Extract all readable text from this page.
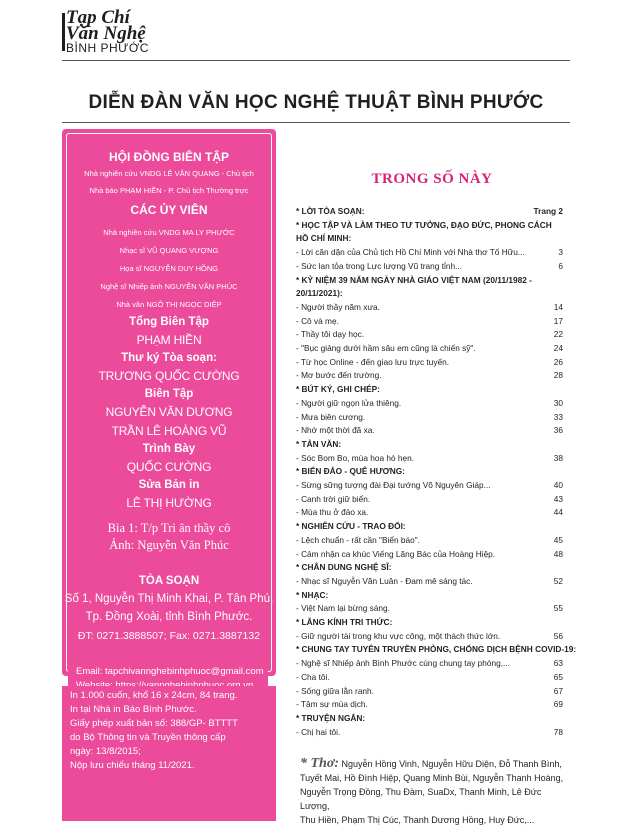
Tạp Chí
Văn Nghệ
BÌNH PHƯỚC
DIỄN ĐÀN VĂN HỌC NGHỆ THUẬT BÌNH PHƯỚC
HỘI ĐỒNG BIÊN TẬP
Nhà nghiên cứu VNDG LÊ VĂN QUANG - Chủ tịch
Nhà báo PHẠM HIỀN - P. Chủ tịch Thường trực
CÁC ỦY VIÊN
Nhà nghiên cứu VNDG MA LY PHƯỚC
Nhạc sĩ VŨ QUANG VƯỢNG
Họa sĩ NGUYỄN DUY HỒNG
Nghệ sĩ Nhiếp ảnh NGUYỄN VĂN PHÚC
Nhà văn NGÔ THỊ NGỌC DIỆP
Tổng Biên Tập
PHẠM HIỀN
Thư ký Tòa soạn:
TRƯƠNG QUỐC CƯỜNG
Biên Tập
NGUYỄN VĂN DƯƠNG
TRẦN LÊ HOÀNG VŨ
Trình Bày
QUỐC CƯỜNG
Sửa Bản in
LÊ THỊ HƯỜNG
Bìa 1: T/p Tri ân thầy cô
Ảnh: Nguyễn Văn Phúc
TÒA SOẠN
Số 1, Nguyễn Thị Minh Khai, P. Tân Phú,
Tp. Đồng Xoài, tỉnh Bình Phước.
ĐT: 0271.3888507; Fax: 0271.3887132
Email: tapchivannghebinhphuoc@gmail.com
In 1.000 cuốn, khổ 16 x 24cm, 84 trang.
In tại Nhà in Báo Bình Phước.
Giấy phép xuất bản số: 388/GP- BTTTT
do Bộ Thông tin và Truyền thông cấp
ngày: 13/8/2015;
Nộp lưu chiểu tháng 11/2021.
TRONG SỐ NÀY
* LỜI TÒA SOẠN:	Trang 2
* HỌC TẬP VÀ LÀM THEO TƯ TƯỞNG, ĐẠO ĐỨC, PHONG CÁCH
HỒ CHÍ MINH:
- Lời căn dặn của Chủ tịch Hồ Chí Minh với Nhà thơ Tố Hữu...	3
- Sức lan tỏa trong Lực lượng Vũ trang tỉnh...	6
* KỶ NIỆM 39 NĂM NGÀY NHÀ GIÁO VIỆT NAM (20/11/1982 -
20/11/2021):
- Người thầy năm xưa.	14
- Cô và mẹ.	17
- Thầy tôi dạy học.	22
- "Bục giảng dưới hầm sâu em cũng là chiến sỹ".	24
- Từ học Online - đến giao lưu trực tuyến.	26
- Mơ bước đến trường.	28
* BÚT KÝ, GHI CHÉP:
- Người giữ ngọn lửa thiêng.	30
- Mưa biên cương.	33
- Nhớ một thời đã xa.	36
* TẢN VĂN:
- Sóc Bom Bo, mùa hoa hò hẹn.	38
* BIỂN ĐẢO - QUÊ HƯƠNG:
- Sừng sững tượng đài Đại tướng Võ Nguyên Giáp...	40
- Canh trời giữ biển.	43
- Mùa thu ở đảo xa.	44
* NGHIÊN CỨU - TRAO ĐỔI:
- Lệch chuẩn - rất cần "Biển báo".	45
- Cảm nhận ca khúc Viếng Lăng Bác của Hoàng Hiệp.	48
* CHÂN DUNG NGHỆ SĨ:
- Nhạc sĩ Nguyễn Văn Luân - Đam mê sáng tác.	52
* NHẠC:
- Việt Nam lại bừng sáng.	55
* LĂNG KÍNH TRI THỨC:
- Giữ người tài trong khu vực công, một thách thức lớn.	56
* CHUNG TAY TUYÊN TRUYỀN PHÒNG, CHỐNG DỊCH BỆNH COVID-19:
- Nghệ sĩ Nhiếp ảnh Bình Phước cùng chung tay phòng,...	63
- Cha tôi.	65
- Sống giữa lằn ranh.	67
- Tâm sự mùa dịch.	69
* TRUYỆN NGẮN:
- Chị hai tôi.	78
* Thơ: Nguyễn Hồng Vinh, Nguyễn Hữu Diện, Đỗ Thanh Bình,
Tuyết Mai, Hồ Đình Hiệp, Quang Minh Bùi, Nguyễn Thanh Hoàng,
Nguyễn Trọng Đồng, Thu Đàm, SuaDx, Thanh Minh, Lê Đức Lượng,
Thu Hiền, Phạm Thị Cúc, Thanh Dương Hồng, Huy Đức,...
